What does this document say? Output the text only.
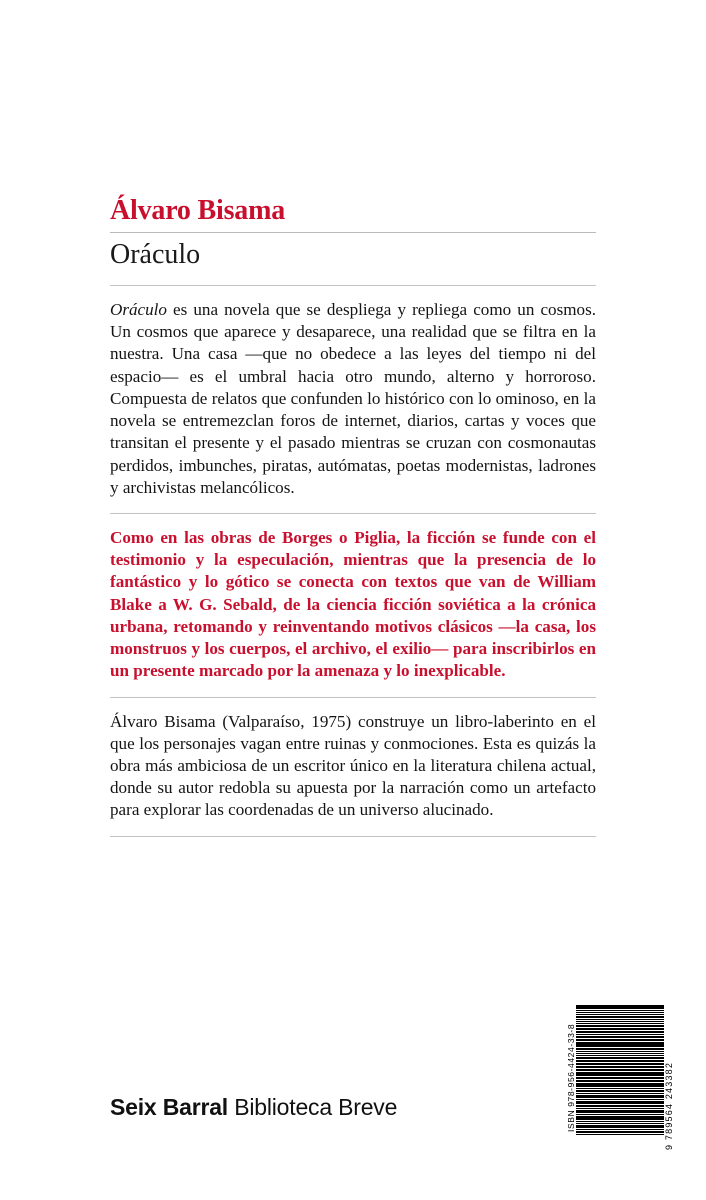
Álvaro Bisama
Oráculo

Oráculo es una novela que se despliega y repliega como un cosmos. Un cosmos que aparece y desaparece, una realidad que se filtra en la nuestra. Una casa —que no obedece a las leyes del tiempo ni del espacio— es el umbral hacia otro mundo, alterno y horroroso. Compuesta de relatos que confunden lo histórico con lo ominoso, en la novela se entremezclan foros de internet, diarios, cartas y voces que transitan el presente y el pasado mientras se cruzan con cosmonautas perdidos, imbunches, piratas, autómatas, poetas modernistas, ladrones y archivistas melancólicos.

Como en las obras de Borges o Piglia, la ficción se funde con el testimonio y la especulación, mientras que la presencia de lo fantástico y lo gótico se conecta con textos que van de William Blake a W. G. Sebald, de la ciencia ficción soviética a la crónica urbana, retomando y reinventando motivos clásicos —la casa, los monstruos y los cuerpos, el archivo, el exilio— para inscribirlos en un presente marcado por la amenaza y lo inexplicable.

Álvaro Bisama (Valparaíso, 1975) construye un libro-laberinto en el que los personajes vagan entre ruinas y conmociones. Esta es quizás la obra más ambiciosa de un escritor único en la literatura chilena actual, donde su autor redobla su apuesta por la narración como un artefacto para explorar las coordenadas de un universo alucinado.

Seix Barral Biblioteca Breve	ISBN 978-956-4424-33-8	9 789564 243382
